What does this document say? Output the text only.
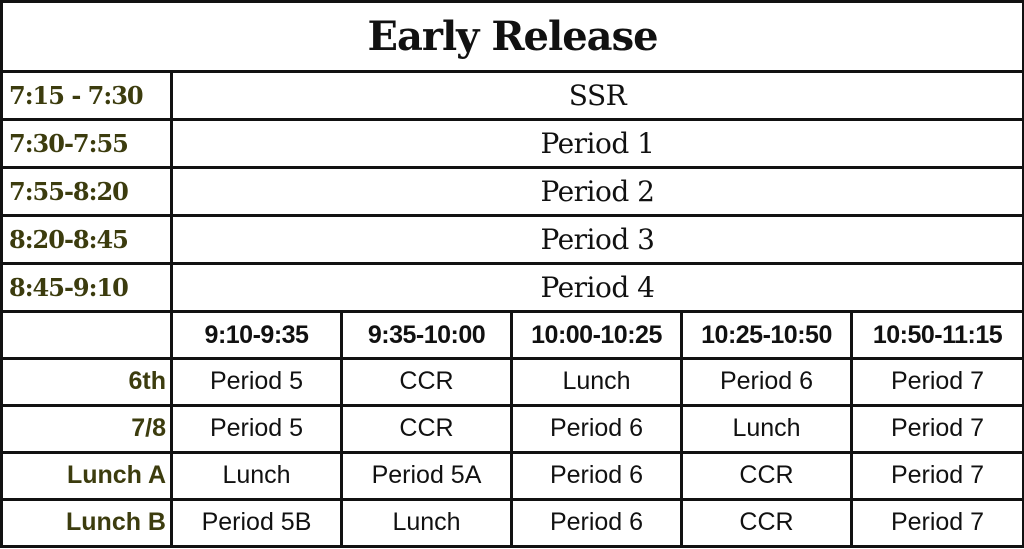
Early Release					
7:15 - 7:30	SSR				
7:30-7:55	Period 1				
7:55-8:20	Period 2				
8:20-8:45	Period 3				
8:45-9:10	Period 4				
	9:10-9:35	9:35-10:00	10:00-10:25	10:25-10:50	10:50-11:15
6th	Period 5	CCR	Lunch	Period 6	Period 7
7/8	Period 5	CCR	Period 6	Lunch	Period 7
Lunch A	Lunch	Period 5A	Period 6	CCR	Period 7
Lunch B	Period 5B	Lunch	Period 6	CCR	Period 7
